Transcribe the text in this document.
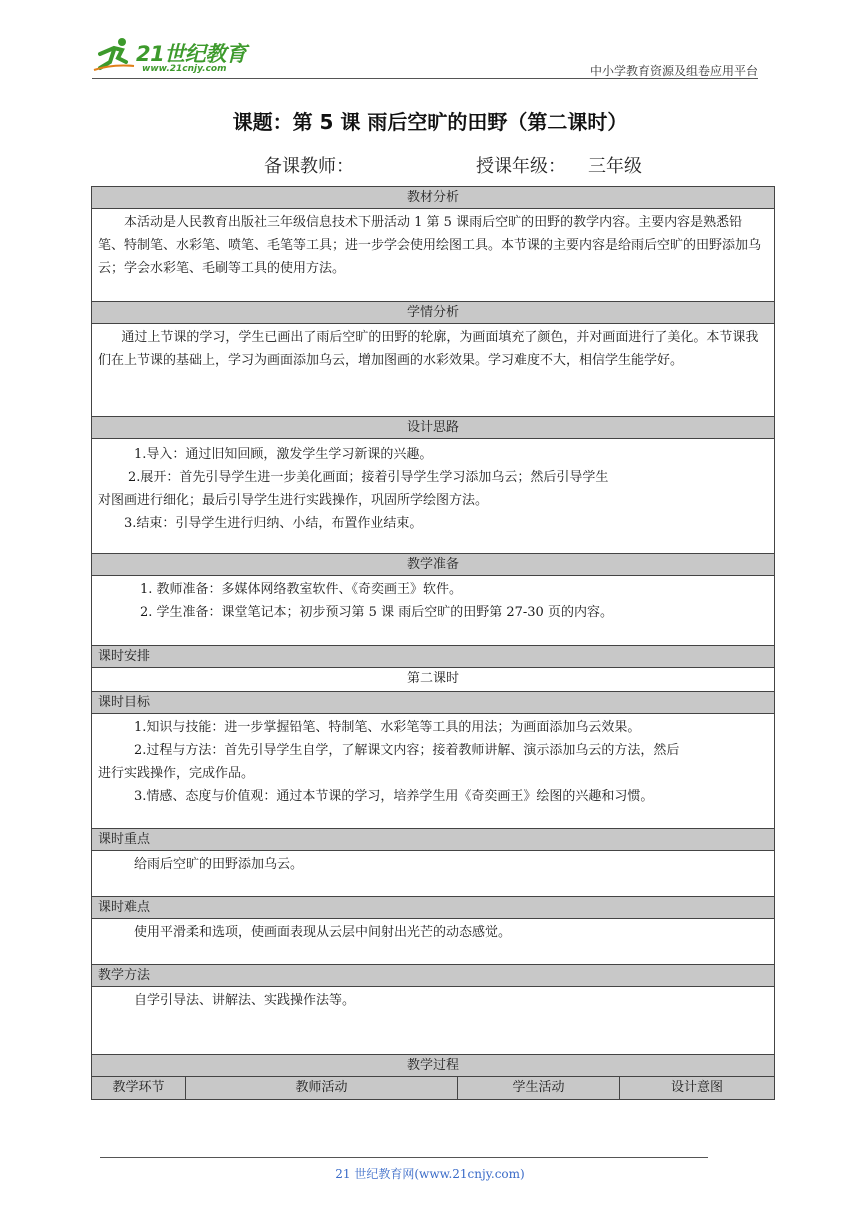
21世纪教育
www.21cnjy.com	中小学教育资源及组卷应用平台
课题：第 5 课 雨后空旷的田野（第二课时）
备课教师：	授课年级： 三年级
教材分析

本活动是人民教育出版社三年级信息技术下册活动 1 第 5 课雨后空旷的田野的教学内容。主要内容是熟悉铅笔、特制笔、水彩笔、喷笔、毛笔等工具；进一步学会使用绘图工具。本节课的主要内容是给雨后空旷的田野添加乌云；学会水彩笔、毛刷等工具的使用方法。

学情分析

通过上节课的学习，学生已画出了雨后空旷的田野的轮廓，为画面填充了颜色，并对画面进行了美化。本节课我们在上节课的基础上，学习为画面添加乌云，增加图画的水彩效果。学习难度不大，相信学生能学好。

设计思路

1.导入：通过旧知回顾，激发学生学习新课的兴趣。

2.展开：首先引导学生进一步美化画面；接着引导学生学习添加乌云；然后引导学生

对图画进行细化；最后引导学生进行实践操作，巩固所学绘图方法。

3.结束：引导学生进行归纳、小结，布置作业结束。

教学准备

1. 教师准备：多媒体网络教室软件、《奇奕画王》软件。

2. 学生准备：课堂笔记本；初步预习第 5 课 雨后空旷的田野第 27-30 页的内容。

课时安排
第二课时
课时目标

1.知识与技能：进一步掌握铅笔、特制笔、水彩笔等工具的用法；为画面添加乌云效果。

2.过程与方法：首先引导学生自学，了解课文内容；接着教师讲解、演示添加乌云的方法，然后

进行实践操作，完成作品。

3.情感、态度与价值观：通过本节课的学习，培养学生用《奇奕画王》绘图的兴趣和习惯。

课时重点

给雨后空旷的田野添加乌云。

课时难点

使用平滑柔和选项，使画面表现从云层中间射出光芒的动态感觉。

教学方法

自学引导法、讲解法、实践操作法等。

教学过程
教学环节	教师活动	学生活动	设计意图
21 世纪教育网(www.21cnjy.com)
